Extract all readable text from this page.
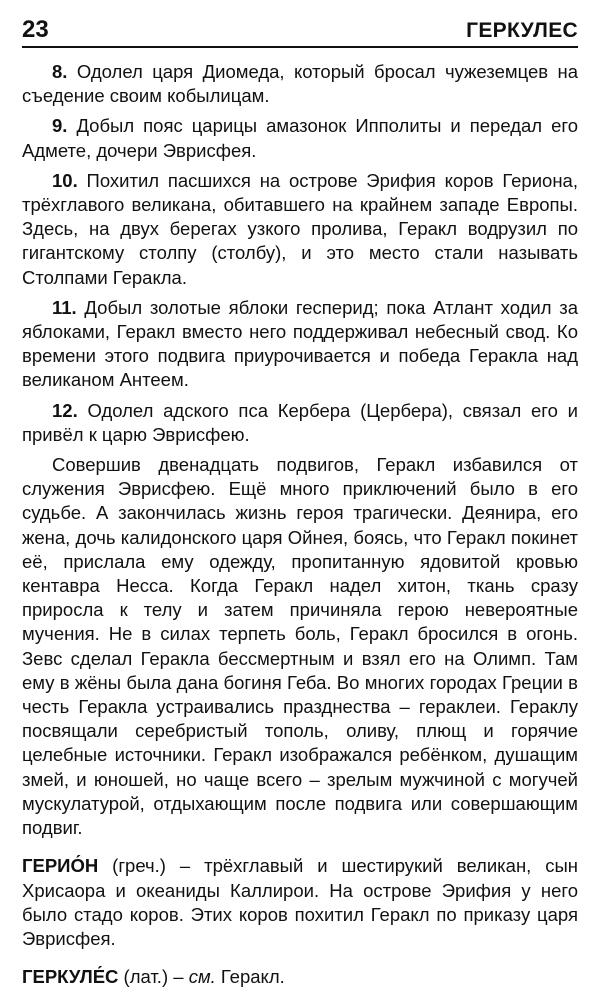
23	ГЕРКУЛЕС

8. Одолел царя Диомеда, который бросал чужеземцев на съедение своим кобылицам.

9. Добыл пояс царицы амазонок Ипполиты и передал его Адмете, дочери Эврисфея.

10. Похитил пасшихся на острове Эрифия коров Гериона, трёхглавого великана, обитавшего на крайнем западе Европы. Здесь, на двух берегах узкого пролива, Геракл водрузил по гигантскому столпу (столбу), и это место стали называть Столпами Геракла.

11. Добыл золотые яблоки гесперид; пока Атлант ходил за яблоками, Геракл вместо него поддерживал небесный свод. Ко времени этого подвига приурочивается и победа Геракла над великаном Антеем.

12. Одолел адского пса Кербера (Цербера), связал его и привёл к царю Эврисфею.

Совершив двенадцать подвигов, Геракл избавился от служения Эврисфею. Ещё много приключений было в его судьбе. А закончилась жизнь героя трагически. Деянира, его жена, дочь калидонского царя Ойнея, боясь, что Геракл покинет её, прислала ему одежду, пропитанную ядовитой кровью кентавра Несса. Когда Геракл надел хитон, ткань сразу приросла к телу и затем причиняла герою невероятные мучения. Не в силах терпеть боль, Геракл бросился в огонь. Зевс сделал Геракла бессмертным и взял его на Олимп. Там ему в жёны была дана богиня Геба. Во многих городах Греции в честь Геракла устраивались празднества – гераклеи. Гераклу посвящали серебристый тополь, оливу, плющ и горячие целебные источники. Геракл изображался ребёнком, душащим змей, и юношей, но чаще всего – зрелым мужчиной с могучей мускулатурой, отдыхающим после подвига или совершающим подвиг.

ГЕРИО́Н (греч.) – трёхглавый и шестирукий великан, сын Хрисаора и океаниды Каллирои. На острове Эрифия у него было стадо коров. Этих коров похитил Геракл по приказу царя Эврисфея.

ГЕРКУЛЕ́С (лат.) – см. Геракл.
